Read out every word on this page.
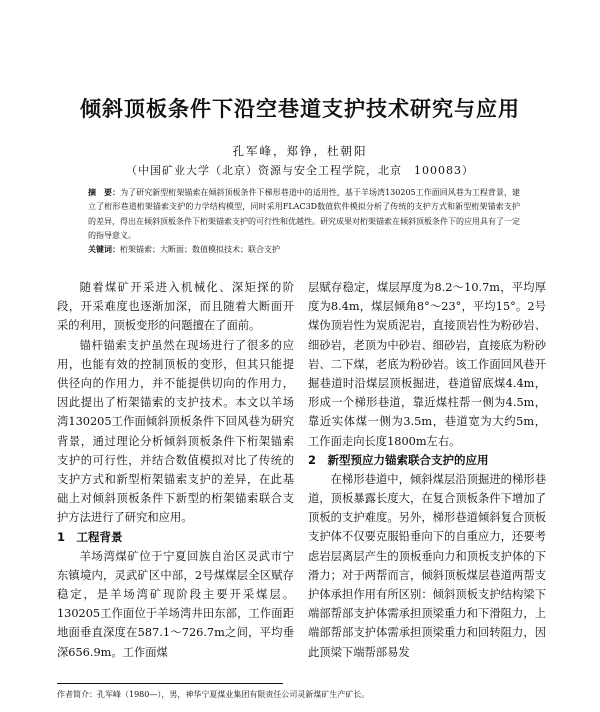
倾斜顶板条件下沿空巷道支护技术研究与应用
孔军峰，郑铮，杜朝阳
（中国矿业大学（北京）资源与安全工程学院，北京　100083）
摘　要：为了研究新型桁架锚索在倾斜顶板条件下梯形巷道中的适用性，基于羊场湾130205工作面回风巷为工程背景，建立了桁形巷道桁架锚索支护的力学结构模型，同时采用FLAC3D数值软件模拟分析了传统的支护方式和新型桁架锚索支护的差异，得出在倾斜顶板条件下桁架锚索支护的可行性和优越性。研究成果对桁架锚索在倾斜顶板条件下的应用具有了一定的指导意义。
关键词：桁架锚索；大断面；数值模拟技术；联合支护

随着煤矿开采进入机械化、深矩探的阶段，开采难度也逐渐加深，而且随着大断面开采的利用，顶板变形的问题擅在了面前。

锚杆锚索支护虽然在现场进行了很多的应用，也能有效的控制顶板的变形，但其只能提供径向的作用力，并不能提供切向的作用力，因此提出了桁架锚索的支护技术。本文以羊场湾130205工作面倾斜顶板条件下回风巷为研究背景，通过理论分析倾斜顶板条件下桁架锚索支护的可行性，并结合数值模拟对比了传统的支护方式和新型桁架锚索支护的差异，在此基础上对倾斜顶板条件下新型的桁架锚索联合支护方法进行了研究和应用。

1　工程背景

羊场湾煤矿位于宁夏回族自治区灵武市宁东镇境内，灵武矿区中部，2号煤煤层全区赋存稳定，是羊场湾矿现阶段主要开采煤层。130205工作面位于羊场湾井田东部，工作面距地面垂直深度在587.1～726.7m之间，平均垂深656.9m。工作面煤

层赋存稳定，煤层厚度为8.2～10.7m，平均厚度为8.4m，煤层倾角8°～23°，平均15°。2号煤伪顶岩性为炭质泥岩，直接顶岩性为粉砂岩、细砂岩，老顶为中砂岩、细砂岩，直接底为粉砂岩、二下煤，老底为粉砂岩。该工作面回风巷开掘巷道时沿煤层顶板掘进，巷道留底煤4.4m，形成一个梯形巷道，靠近煤柱帮一侧为4.5m，靠近实体煤一侧为3.5m，巷道宽为大约5m，工作面走向长度1800m左右。

2　新型预应力锚索联合支护的应用

在梯形巷道中，倾斜煤层沿顶掘进的梯形巷道，顶板暴露长度大，在复合顶板条件下增加了顶板的支护难度。另外，梯形巷道倾斜复合顶板支护体不仅要克服铅垂向下的自重应力，还要考虑岩层离层产生的顶板垂向力和顶板支护体的下滑力；对于两帮而言，倾斜顶板煤层巷道两帮支护体承担作用有所区别：倾斜顶板支护结构梁下端部帮部支护体需承担顶梁重力和下滑阻力，上端部帮部支护体需承担顶梁重力和回转阻力，因此顶梁下端帮部易发

作者简介：孔军峰（1980—），男，神华宁夏煤业集团有限责任公司灵新煤矿生产矿长。
